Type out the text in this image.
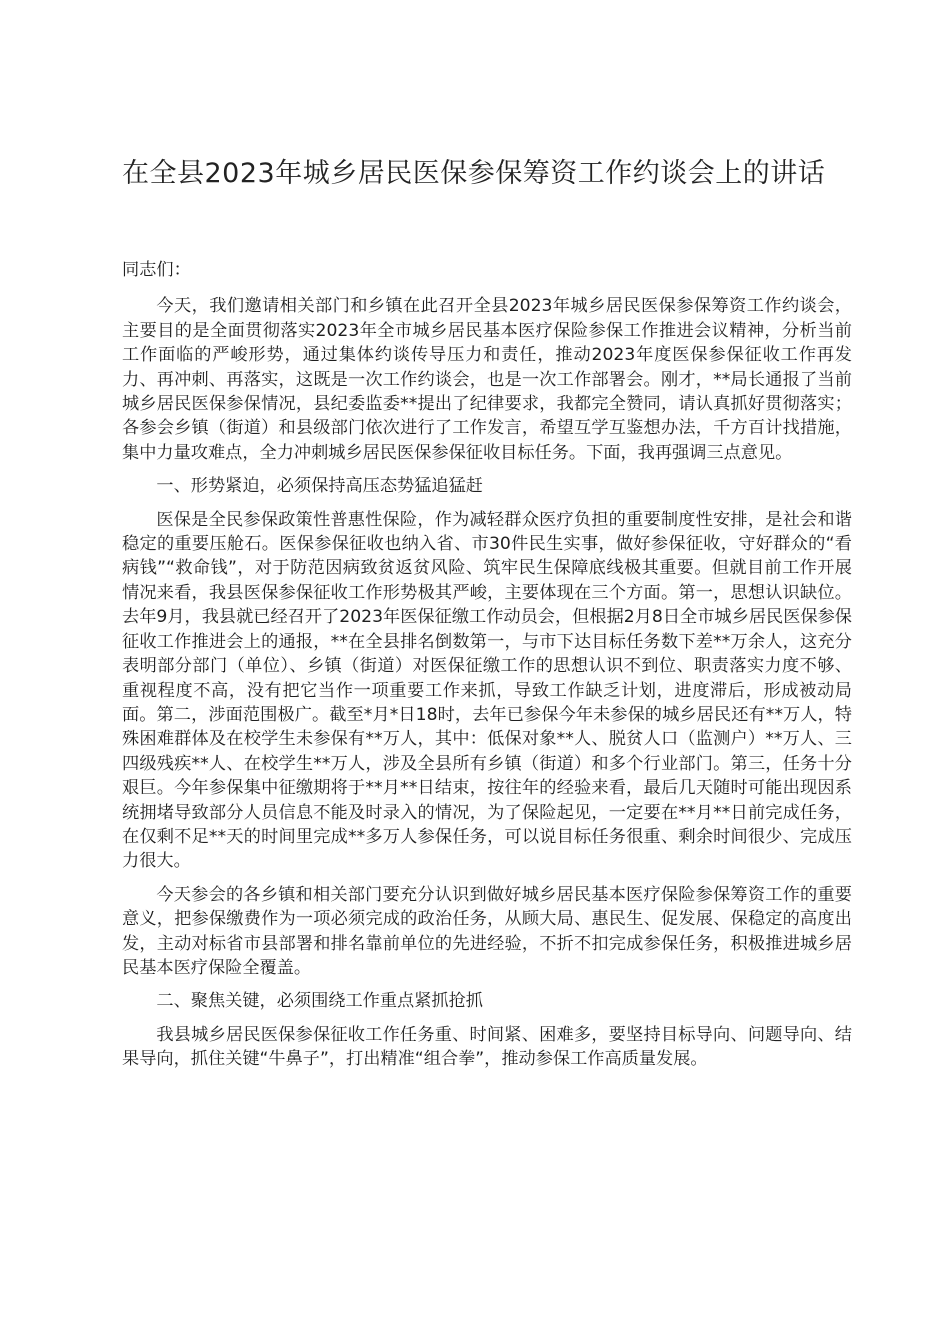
在全县2023年城乡居民医保参保筹资工作约谈会上的讲话

同志们：

今天，我们邀请相关部门和乡镇在此召开全县2023年城乡居民医保参保筹资工作约谈会，主要目的是全面贯彻落实2023年全市城乡居民基本医疗保险参保工作推进会议精神，分析当前工作面临的严峻形势，通过集体约谈传导压力和责任，推动2023年度医保参保征收工作再发力、再冲刺、再落实，这既是一次工作约谈会，也是一次工作部署会。刚才，**局长通报了当前城乡居民医保参保情况，县纪委监委**提出了纪律要求，我都完全赞同，请认真抓好贯彻落实；各参会乡镇（街道）和县级部门依次进行了工作发言，希望互学互鉴想办法，千方百计找措施，集中力量攻难点，全力冲刺城乡居民医保参保征收目标任务。下面，我再强调三点意见。

一、形势紧迫，必须保持高压态势猛追猛赶

医保是全民参保政策性普惠性保险，作为减轻群众医疗负担的重要制度性安排，是社会和谐稳定的重要压舱石。医保参保征收也纳入省、市30件民生实事，做好参保征收，守好群众的“看病钱”“救命钱”，对于防范因病致贫返贫风险、筑牢民生保障底线极其重要。但就目前工作开展情况来看，我县医保参保征收工作形势极其严峻，主要体现在三个方面。第一，思想认识缺位。去年9月，我县就已经召开了2023年医保征缴工作动员会，但根据2月8日全市城乡居民医保参保征收工作推进会上的通报，**在全县排名倒数第一，与市下达目标任务数下差**万余人，这充分表明部分部门（单位）、乡镇（街道）对医保征缴工作的思想认识不到位、职责落实力度不够、重视程度不高，没有把它当作一项重要工作来抓，导致工作缺乏计划，进度滞后，形成被动局面。第二，涉面范围极广。截至*月*日18时，去年已参保今年未参保的城乡居民还有**万人，特殊困难群体及在校学生未参保有**万人，其中：低保对象**人、脱贫人口（监测户）**万人、三四级残疾**人、在校学生**万人，涉及全县所有乡镇（街道）和多个行业部门。第三，任务十分艰巨。今年参保集中征缴期将于**月**日结束，按往年的经验来看，最后几天随时可能出现因系统拥堵导致部分人员信息不能及时录入的情况，为了保险起见，一定要在**月**日前完成任务，在仅剩不足**天的时间里完成**多万人参保任务，可以说目标任务很重、剩余时间很少、完成压力很大。

今天参会的各乡镇和相关部门要充分认识到做好城乡居民基本医疗保险参保筹资工作的重要意义，把参保缴费作为一项必须完成的政治任务，从顾大局、惠民生、促发展、保稳定的高度出发，主动对标省市县部署和排名靠前单位的先进经验，不折不扣完成参保任务，积极推进城乡居民基本医疗保险全覆盖。

二、聚焦关键，必须围绕工作重点紧抓抢抓

我县城乡居民医保参保征收工作任务重、时间紧、困难多，要坚持目标导向、问题导向、结果导向，抓住关键“牛鼻子”，打出精准“组合拳”，推动参保工作高质量发展。
